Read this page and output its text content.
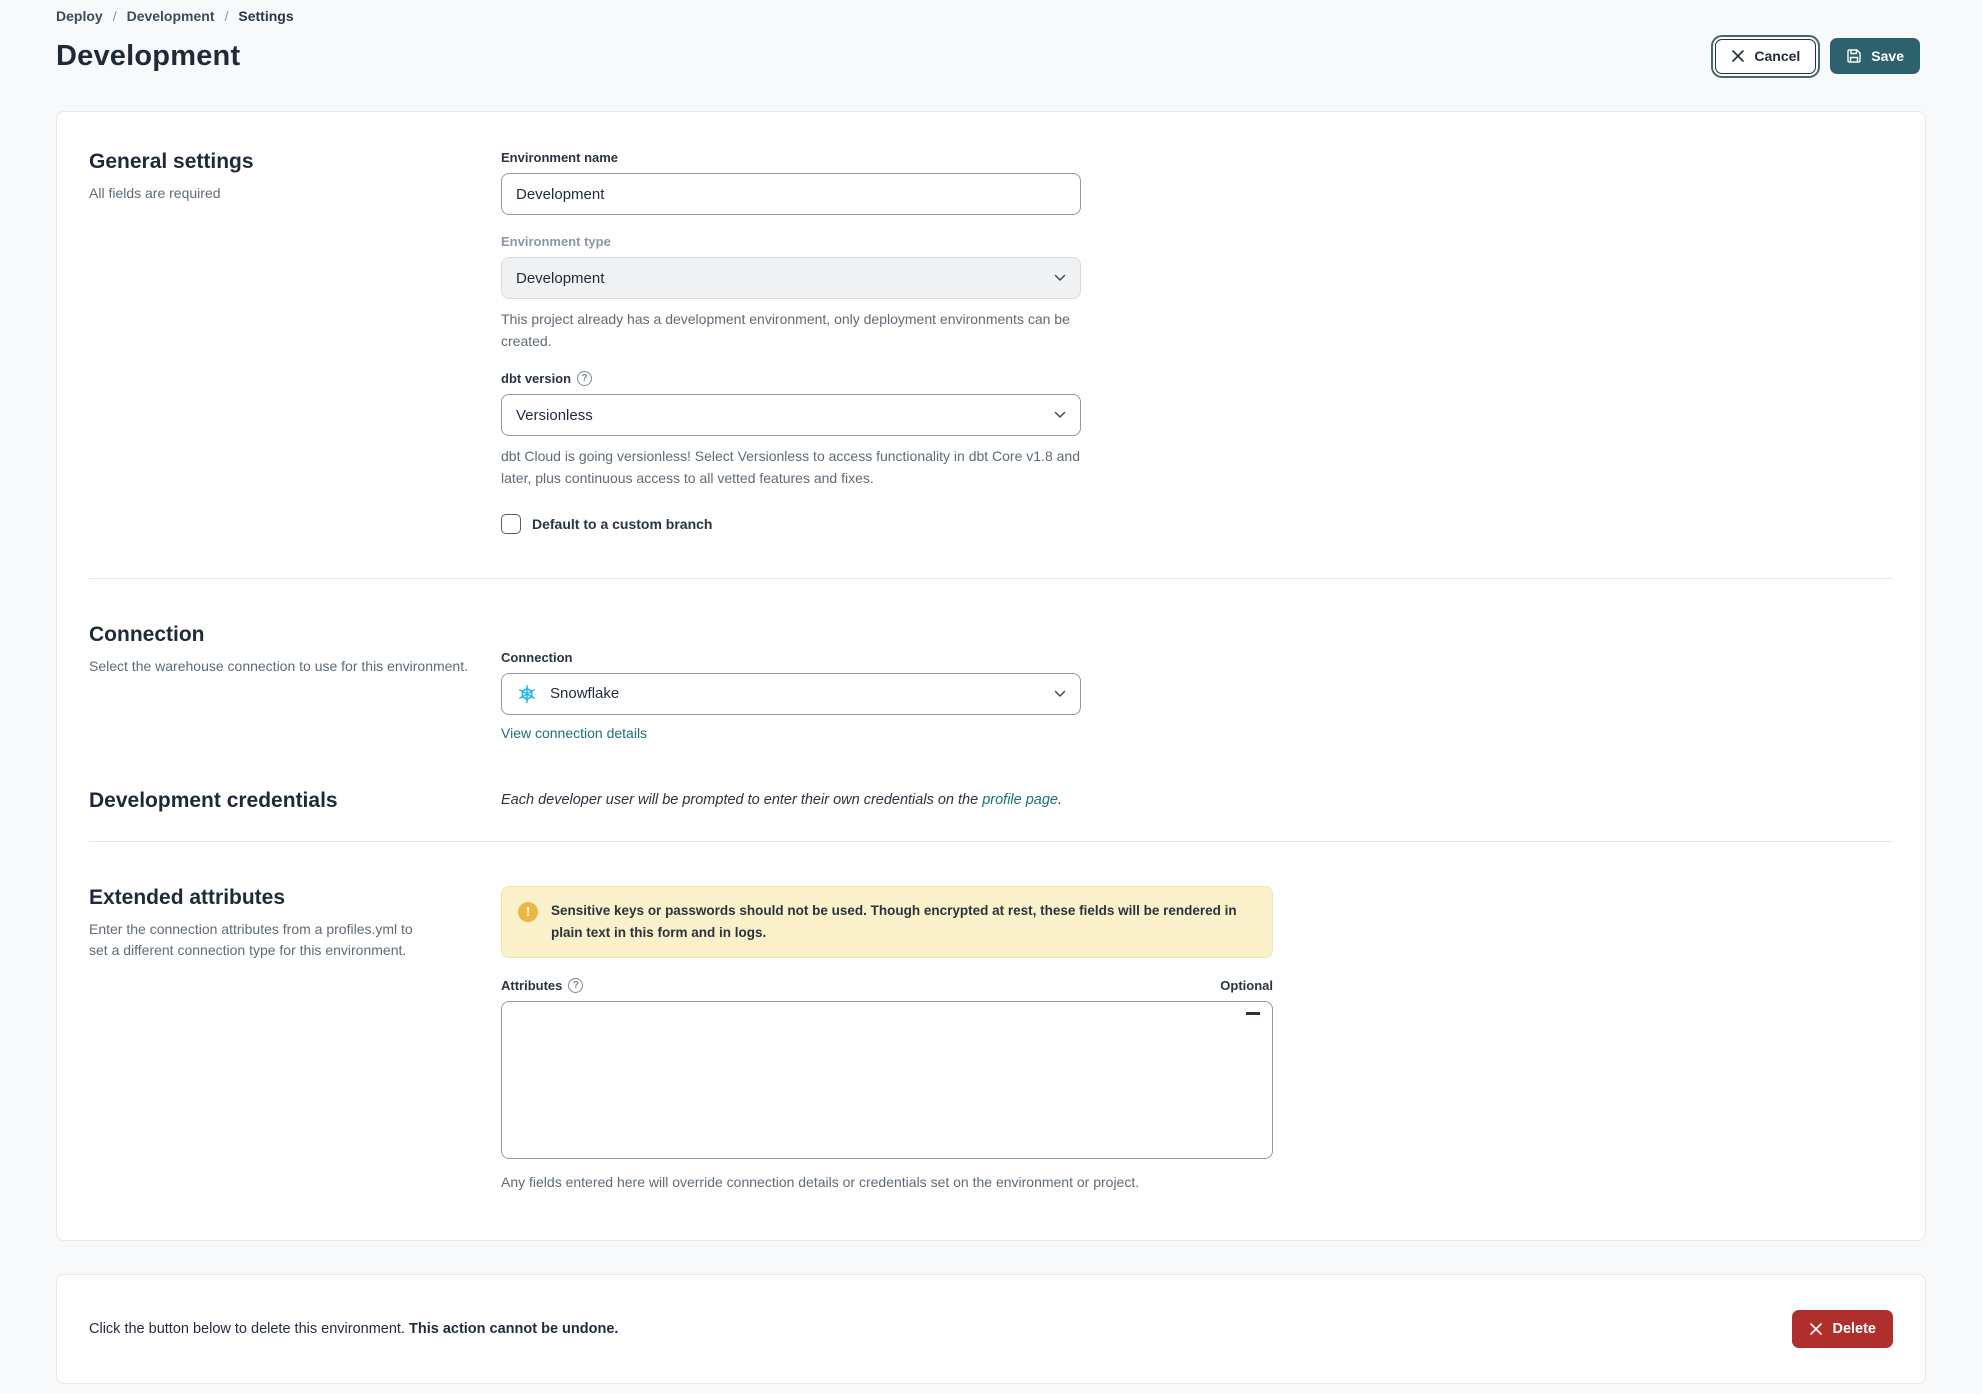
Deploy / Development / Settings
Development	Cancel	Save
General settings
All fields are required
Environment name
Development
Environment type
Development
This project already has a development environment, only deployment environments can be created.
dbt version	?
Versionless
dbt Cloud is going versionless! Select Versionless to access functionality in dbt Core v1.8 and later, plus continuous access to all vetted features and fixes.
Default to a custom branch
Connection
Select the warehouse connection to use for this environment.
Connection
Snowflake
View connection details
Development credentials	Each developer user will be prompted to enter their own credentials on the profile page.
Extended attributes
Enter the connection attributes from a profiles.yml to set a different connection type for this environment.
!	Sensitive keys or passwords should not be used. Though encrypted at rest, these fields will be rendered in plain text in this form and in logs.
Attributes	?	Optional
Any fields entered here will override connection details or credentials set on the environment or project.
Click the button below to delete this environment. This action cannot be undone.	Delete
